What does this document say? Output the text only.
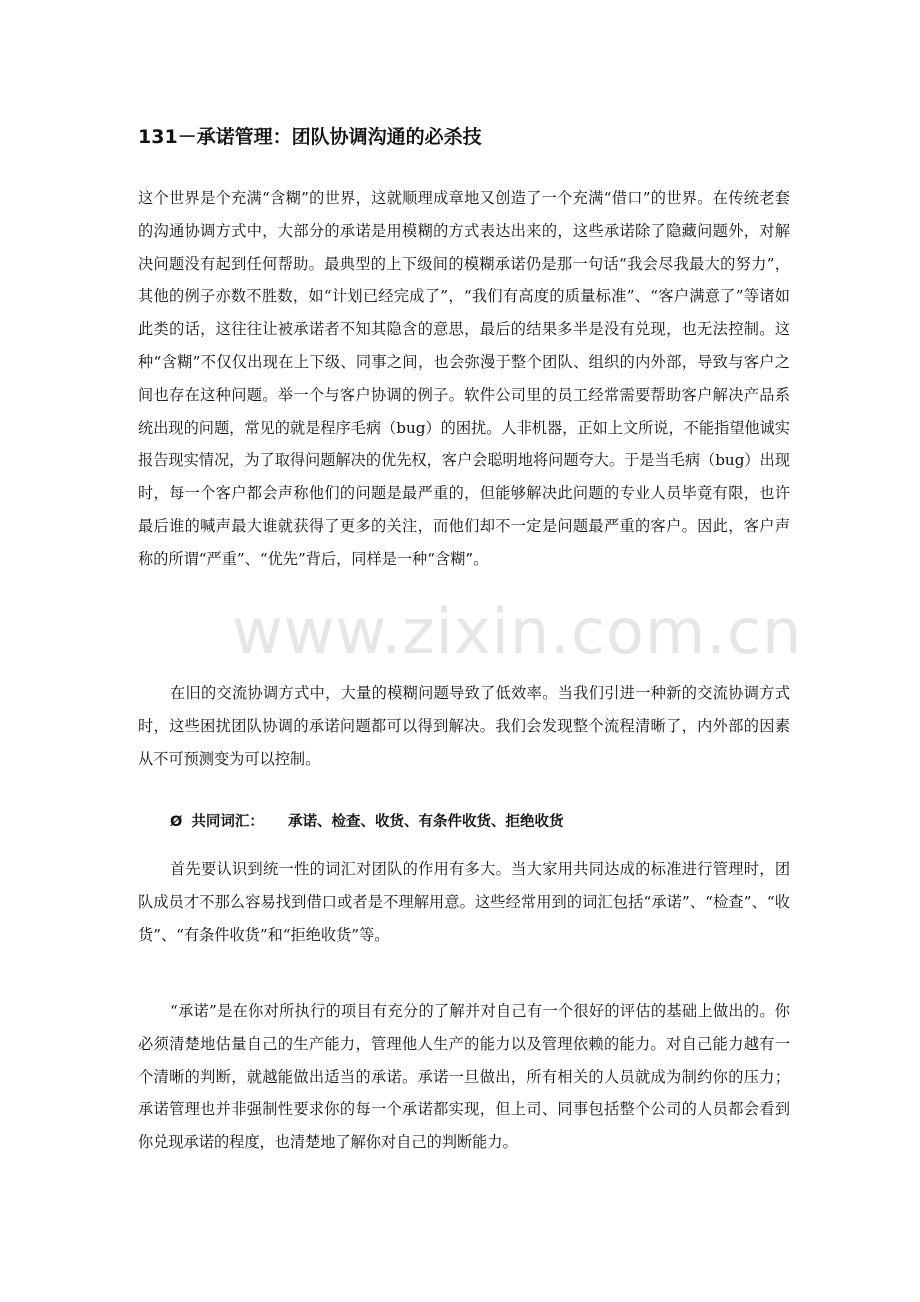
131－承诺管理：团队协调沟通的必杀技

这个世界是个充满“含糊”的世界，这就顺理成章地又创造了一个充满“借口”的世界。在传统老套的沟通协调方式中，大部分的承诺是用模糊的方式表达出来的，这些承诺除了隐藏问题外，对解决问题没有起到任何帮助。最典型的上下级间的模糊承诺仍是那一句话“我会尽我最大的努力”，其他的例子亦数不胜数，如“计划已经完成了”，“我们有高度的质量标准”、“客户满意了”等诸如此类的话，这往往让被承诺者不知其隐含的意思，最后的结果多半是没有兑现，也无法控制。这种“含糊”不仅仅出现在上下级、同事之间，也会弥漫于整个团队、组织的内外部，导致与客户之间也存在这种问题。举一个与客户协调的例子。软件公司里的员工经常需要帮助客户解决产品系统出现的问题，常见的就是程序毛病（bug）的困扰。人非机器，正如上文所说，不能指望他诚实报告现实情况，为了取得问题解决的优先权，客户会聪明地将问题夸大。于是当毛病（bug）出现时，每一个客户都会声称他们的问题是最严重的，但能够解决此问题的专业人员毕竟有限，也许最后谁的喊声最大谁就获得了更多的关注，而他们却不一定是问题最严重的客户。因此，客户声称的所谓“严重”、“优先”背后，同样是一种“含糊”。

在旧的交流协调方式中，大量的模糊问题导致了低效率。当我们引进一种新的交流协调方式时，这些困扰团队协调的承诺问题都可以得到解决。我们会发现整个流程清晰了，内外部的因素从不可预测变为可以控制。

Ø 共同词汇： 承诺、检查、收货、有条件收货、拒绝收货

首先要认识到统一性的词汇对团队的作用有多大。当大家用共同达成的标准进行管理时，团队成员才不那么容易找到借口或者是不理解用意。这些经常用到的词汇包括“承诺”、“检查”、“收货”、“有条件收货”和“拒绝收货”等。

“承诺”是在你对所执行的项目有充分的了解并对自己有一个很好的评估的基础上做出的。你必须清楚地估量自己的生产能力，管理他人生产的能力以及管理依赖的能力。对自己能力越有一个清晰的判断，就越能做出适当的承诺。承诺一旦做出，所有相关的人员就成为制约你的压力；承诺管理也并非强制性要求你的每一个承诺都实现，但上司、同事包括整个公司的人员都会看到你兑现承诺的程度，也清楚地了解你对自己的判断能力。

www.zixin.com.cn
